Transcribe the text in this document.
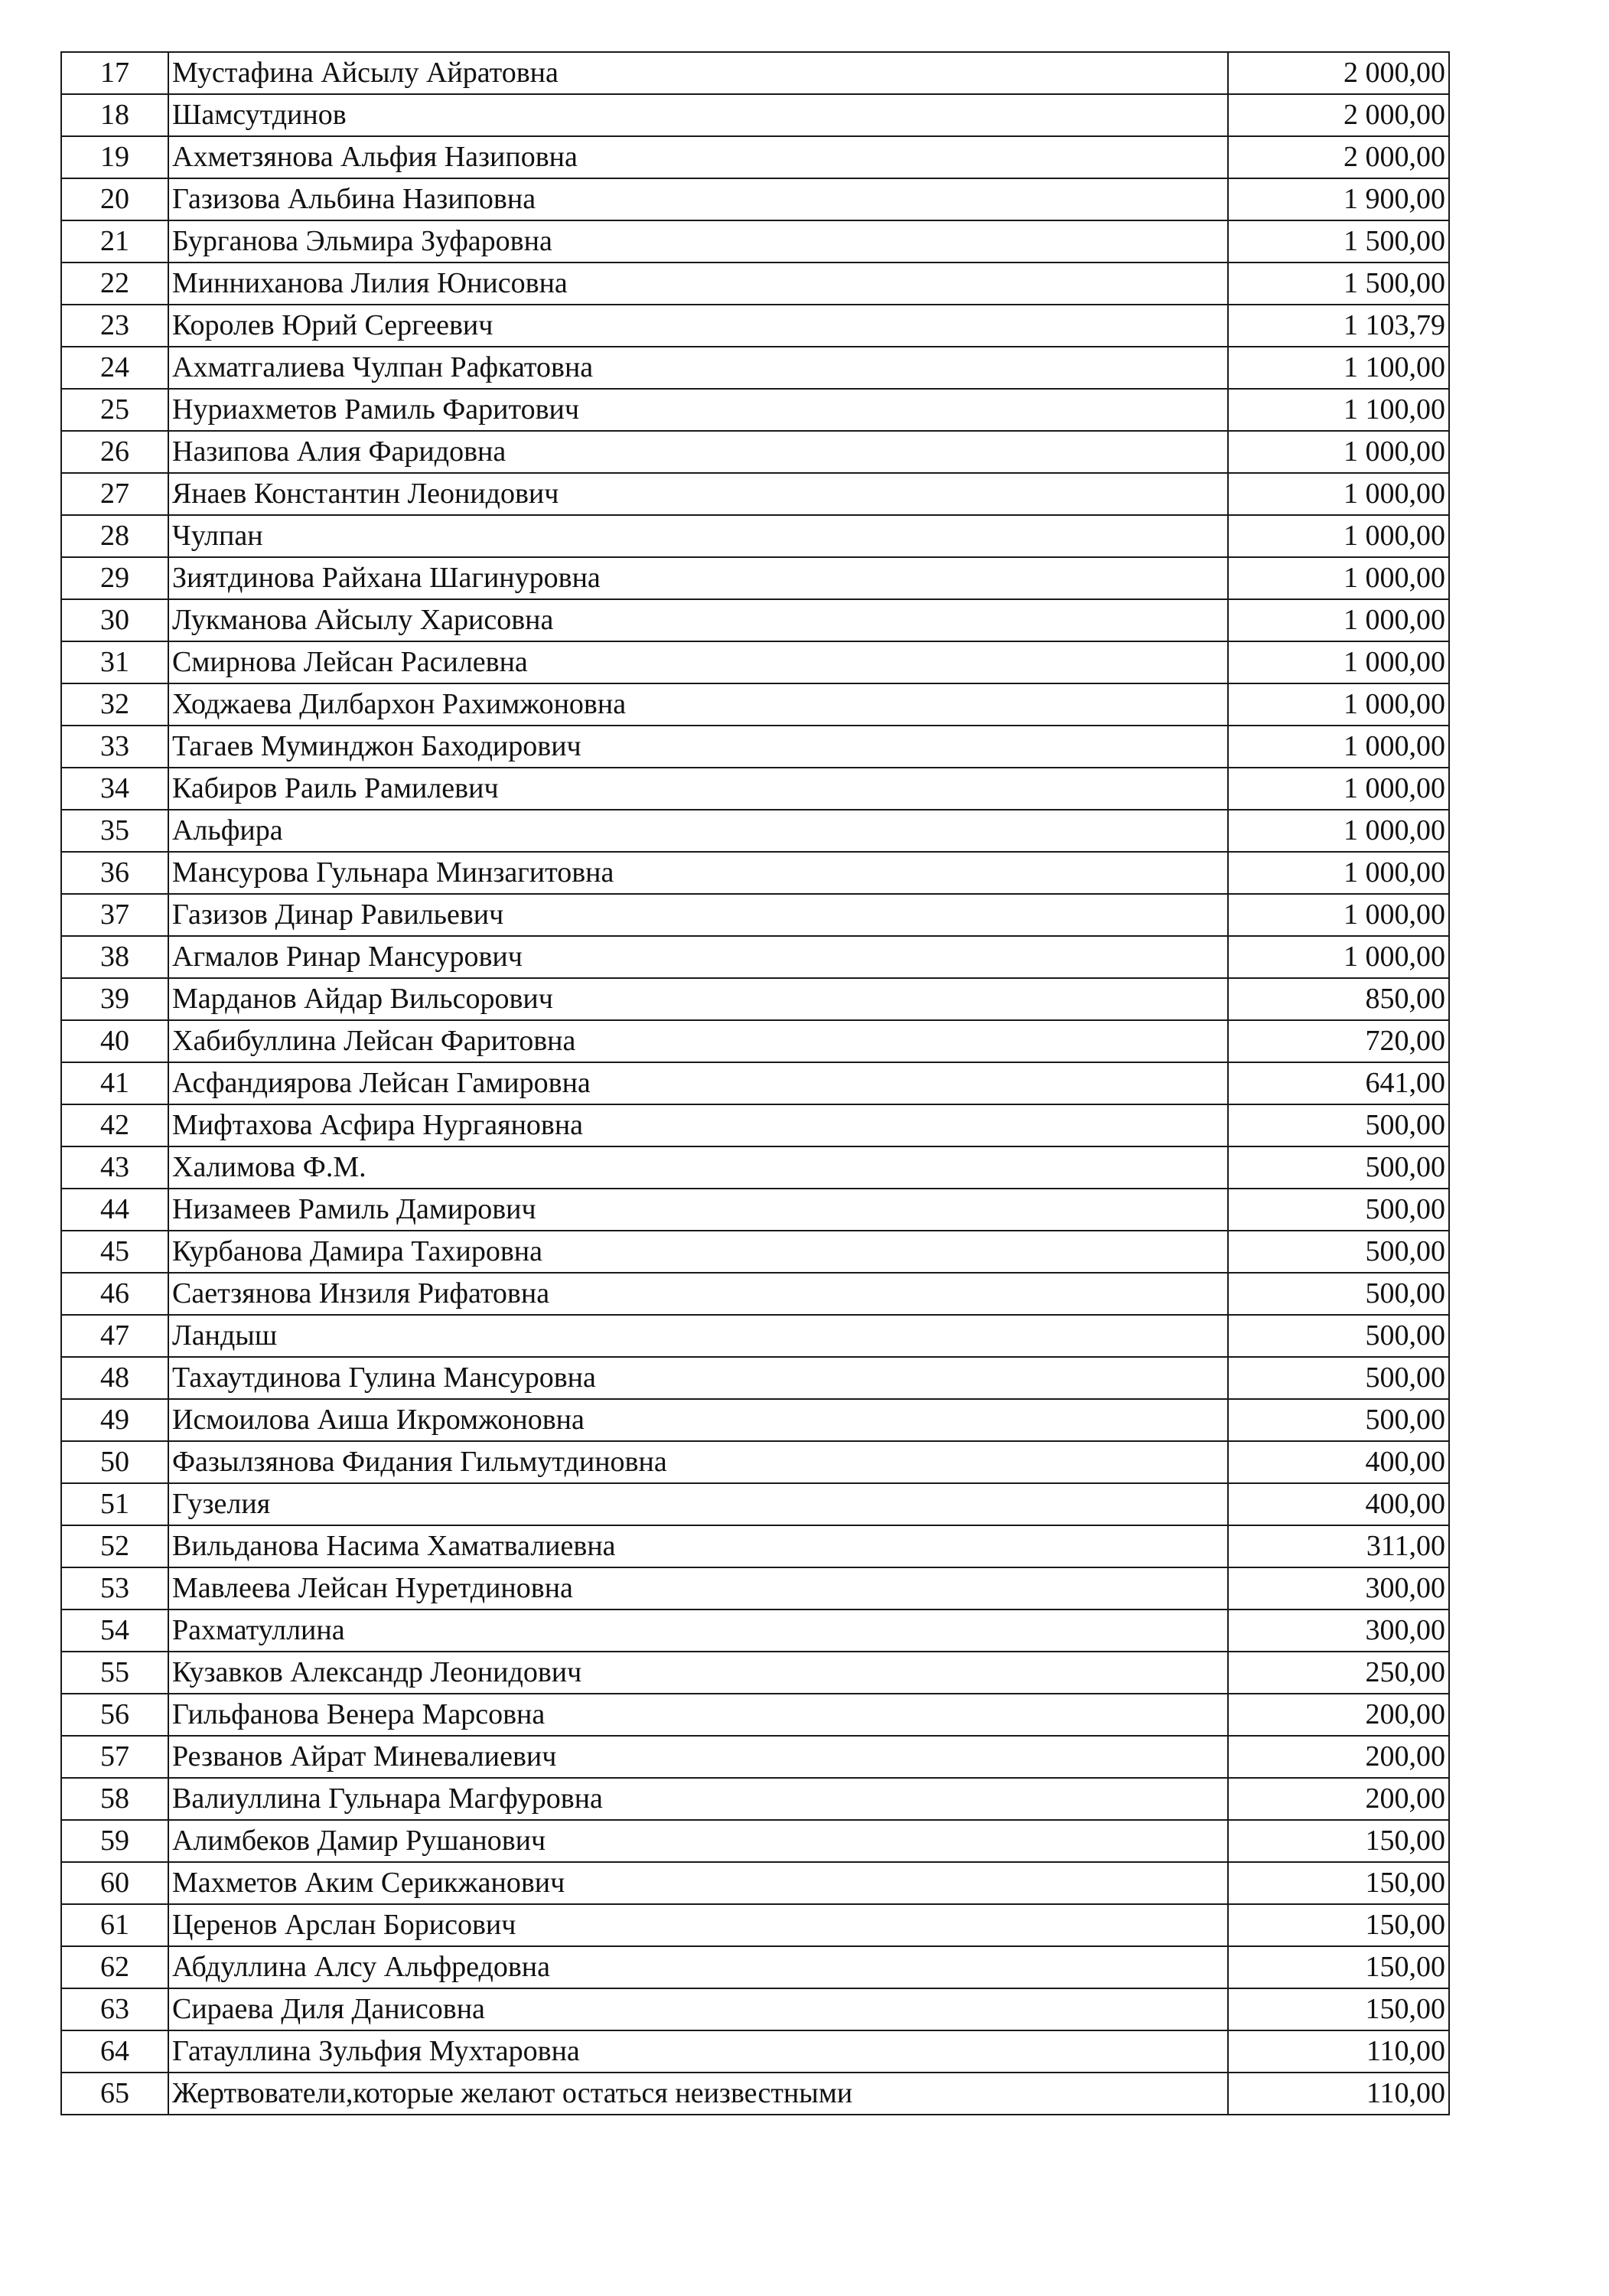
17	Мустафина Айсылу Айратовна	2 000,00
18	Шамсутдинов	2 000,00
19	Ахметзянова Альфия Назиповна	2 000,00
20	Газизова Альбина Назиповна	1 900,00
21	Бурганова Эльмира Зуфаровна	1 500,00
22	Минниханова Лилия Юнисовна	1 500,00
23	Королев Юрий Сергеевич	1 103,79
24	Ахматгалиева Чулпан Рафкатовна	1 100,00
25	Нуриахметов Рамиль Фаритович	1 100,00
26	Назипова Алия Фаридовна	1 000,00
27	Янаев Константин Леонидович	1 000,00
28	Чулпан	1 000,00
29	Зиятдинова Райхана Шагинуровна	1 000,00
30	Лукманова Айсылу Харисовна	1 000,00
31	Смирнова Лейсан Расилевна	1 000,00
32	Ходжаева Дилбархон Рахимжоновна	1 000,00
33	Тагаев Муминджон Баходирович	1 000,00
34	Кабиров Раиль Рамилевич	1 000,00
35	Альфира	1 000,00
36	Мансурова Гульнара Минзагитовна	1 000,00
37	Газизов Динар Равильевич	1 000,00
38	Агмалов Ринар Мансурович	1 000,00
39	Марданов Айдар Вильсорович	850,00
40	Хабибуллина Лейсан Фаритовна	720,00
41	Асфандиярова Лейсан Гамировна	641,00
42	Мифтахова Асфира Нургаяновна	500,00
43	Халимова Ф.М.	500,00
44	Низамеев Рамиль Дамирович	500,00
45	Курбанова Дамира Тахировна	500,00
46	Саетзянова Инзиля Рифатовна	500,00
47	Ландыш	500,00
48	Тахаутдинова Гулина Мансуровна	500,00
49	Исмоилова Аиша Икромжоновна	500,00
50	Фазылзянова Фидания Гильмутдиновна	400,00
51	Гузелия	400,00
52	Вильданова Насима Хаматвалиевна	311,00
53	Мавлеева Лейсан Нуретдиновна	300,00
54	Рахматуллина	300,00
55	Кузавков Александр Леонидович	250,00
56	Гильфанова Венера Марсовна	200,00
57	Резванов Айрат Миневалиевич	200,00
58	Валиуллина Гульнара Магфуровна	200,00
59	Алимбеков Дамир Рушанович	150,00
60	Махметов Аким Серикжанович	150,00
61	Церенов Арслан Борисович	150,00
62	Абдуллина Алсу Альфредовна	150,00
63	Сираева Диля Данисовна	150,00
64	Гатауллина Зульфия Мухтаровна	110,00
65	Жертвователи,которые желают остаться неизвестными	110,00
